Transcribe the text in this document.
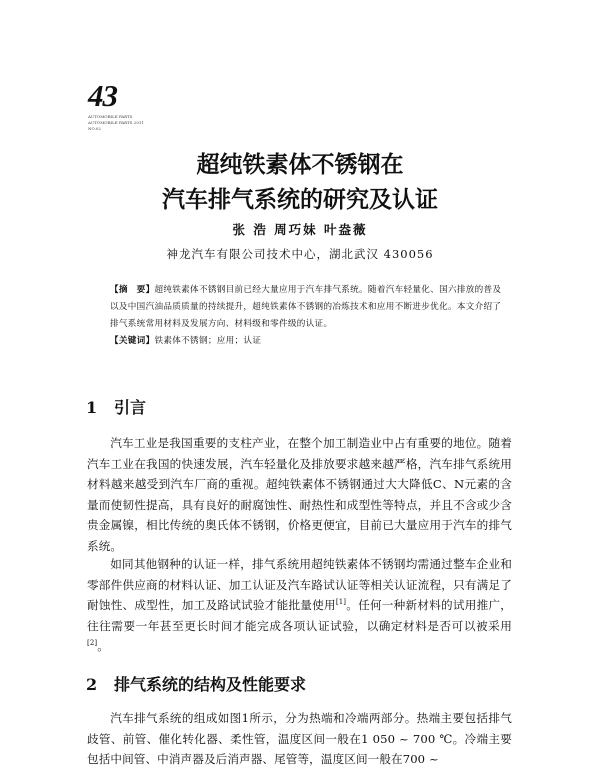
43
AUTOMOBILE PARTS AUTOMOBILE PARTS 2011 NO.02
超纯铁素体不锈钢在
汽车排气系统的研究及认证
张 浩 周巧妹 叶盎薇
神龙汽车有限公司技术中心，湖北武汉 430056
【摘　要】超纯铁素体不锈钢目前已经大量应用于汽车排气系统。随着汽车轻量化、国六排放的普及以及中国汽油品质质量的持续提升，超纯铁素体不锈钢的冶炼技术和应用不断进步优化。本文介绍了排气系统常用材料及发展方向、材料级和零件级的认证。
【关键词】铁素体不锈钢；应用；认证
1 引言
汽车工业是我国重要的支柱产业，在整个加工制造业中占有重要的地位。随着汽车工业在我国的快速发展，汽车轻量化及排放要求越来越严格，汽车排气系统用材料越来越受到汽车厂商的重视。超纯铁素体不锈钢通过大大降低C、N元素的含量而使韧性提高，具有良好的耐腐蚀性、耐热性和成型性等特点，并且不含或少含贵金属镍，相比传统的奥氏体不锈钢，价格更便宜，目前已大量应用于汽车的排气系统。
如同其他钢种的认证一样，排气系统用超纯铁素体不锈钢均需通过整车企业和零部件供应商的材料认证、加工认证及汽车路试认证等相关认证流程，只有满足了耐蚀性、成型性，加工及路试试验才能批量使用[1]。任何一种新材料的试用推广，往往需要一年甚至更长时间才能完成各项认证试验，以确定材料是否可以被采用[2]。
2 排气系统的结构及性能要求
汽车排气系统的组成如图1所示，分为热端和冷端两部分。热端主要包括排气歧管、前管、催化转化器、柔性管，温度区间一般在1 050 ~ 700 ℃。冷端主要包括中间管、中消声器及后消声器、尾管等，温度区间一般在700 ~
